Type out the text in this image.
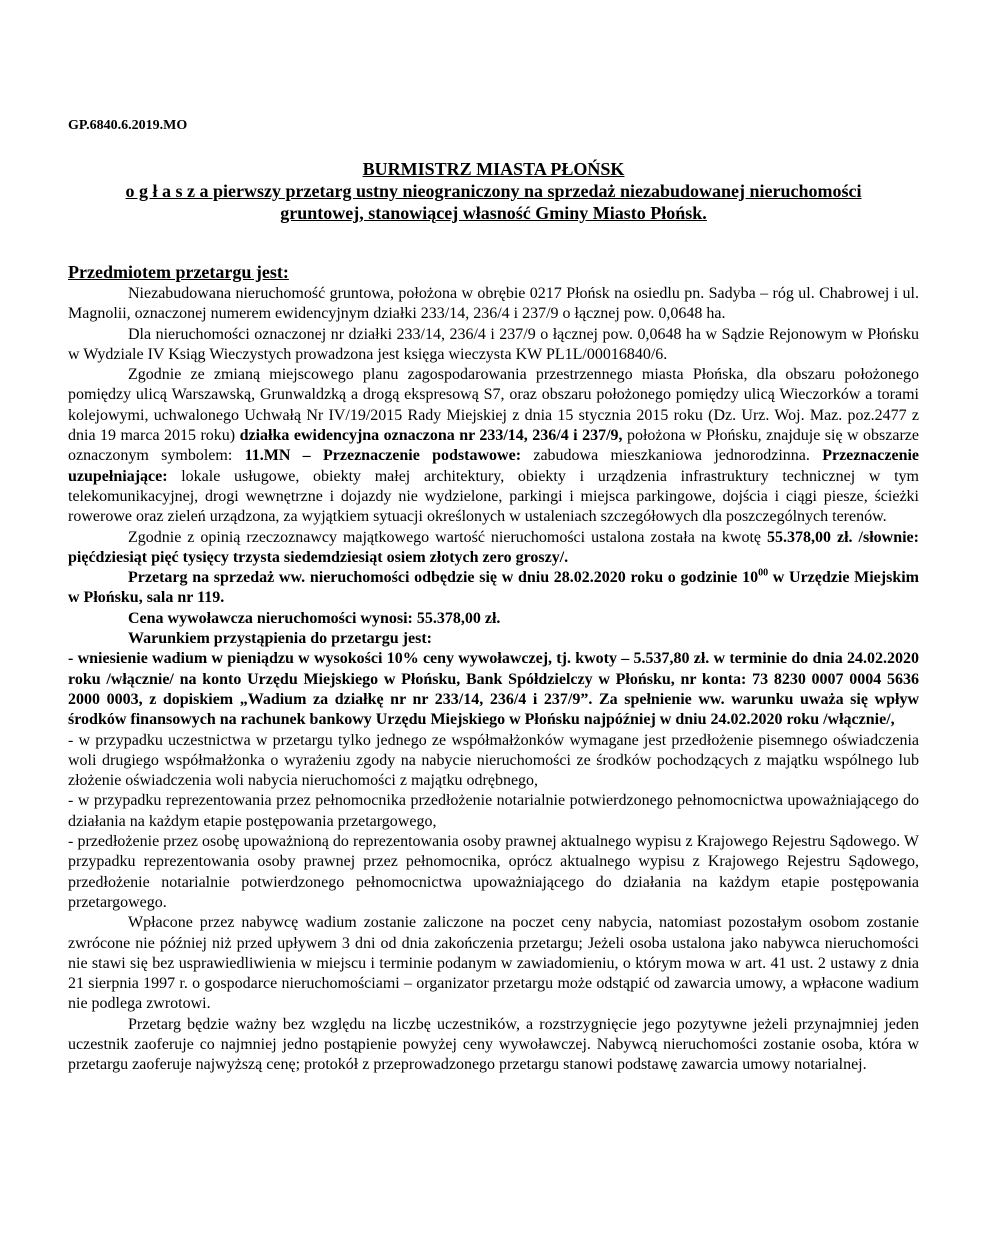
GP.6840.6.2019.MO
BURMISTRZ MIASTA PŁOŃSK
o g ł a s z a pierwszy przetarg ustny nieograniczony na sprzedaż niezabudowanej nieruchomości
gruntowej, stanowiącej własność Gminy Miasto Płońsk.
Przedmiotem przetargu jest:

Niezabudowana nieruchomość gruntowa, położona w obrębie 0217 Płońsk na osiedlu pn. Sadyba – róg ul. Chabrowej i ul. Magnolii, oznaczonej numerem ewidencyjnym działki 233/14, 236/4 i 237/9 o łącznej pow. 0,0648 ha.

Dla nieruchomości oznaczonej nr działki 233/14, 236/4 i 237/9 o łącznej pow. 0,0648 ha w Sądzie Rejonowym w Płońsku w Wydziale IV Ksiąg Wieczystych prowadzona jest księga wieczysta KW PL1L/00016840/6.

Zgodnie ze zmianą miejscowego planu zagospodarowania przestrzennego miasta Płońska, dla obszaru położonego pomiędzy ulicą Warszawską, Grunwaldzką a drogą ekspresową S7, oraz obszaru położonego pomiędzy ulicą Wieczorków a torami kolejowymi, uchwalonego Uchwałą Nr IV/19/2015 Rady Miejskiej z dnia 15 stycznia 2015 roku (Dz. Urz. Woj. Maz. poz.2477 z dnia 19 marca 2015 roku) działka ewidencyjna oznaczona nr 233/14, 236/4 i 237/9, położona w Płońsku, znajduje się w obszarze oznaczonym symbolem: 11.MN – Przeznaczenie podstawowe: zabudowa mieszkaniowa jednorodzinna. Przeznaczenie uzupełniające: lokale usługowe, obiekty małej architektury, obiekty i urządzenia infrastruktury technicznej w tym telekomunikacyjnej, drogi wewnętrzne i dojazdy nie wydzielone, parkingi i miejsca parkingowe, dojścia i ciągi piesze, ścieżki rowerowe oraz zieleń urządzona, za wyjątkiem sytuacji określonych w ustaleniach szczegółowych dla poszczególnych terenów.

Zgodnie z opinią rzeczoznawcy majątkowego wartość nieruchomości ustalona została na kwotę 55.378,00 zł. /słownie: pięćdziesiąt pięć tysięcy trzysta siedemdziesiąt osiem złotych zero groszy/.

Przetarg na sprzedaż ww. nieruchomości odbędzie się w dniu 28.02.2020 roku o godzinie $10^{00}$ w Urzędzie Miejskim w Płońsku, sala nr 119.

Cena wywoławcza nieruchomości wynosi: 55.378,00 zł.

Warunkiem przystąpienia do przetargu jest:

- wniesienie wadium w pieniądzu w wysokości 10% ceny wywoławczej, tj. kwoty – 5.537,80 zł. w terminie do dnia 24.02.2020 roku /włącznie/ na konto Urzędu Miejskiego w Płońsku, Bank Spółdzielczy w Płońsku, nr konta: 73 8230 0007 0004 5636 2000 0003, z dopiskiem „Wadium za działkę nr nr 233/14, 236/4 i 237/9”. Za spełnienie ww. warunku uważa się wpływ środków finansowych na rachunek bankowy Urzędu Miejskiego w Płońsku najpóźniej w dniu 24.02.2020 roku /włącznie/,

- w przypadku uczestnictwa w przetargu tylko jednego ze współmałżonków wymagane jest przedłożenie pisemnego oświadczenia woli drugiego współmałżonka o wyrażeniu zgody na nabycie nieruchomości ze środków pochodzących z majątku wspólnego lub złożenie oświadczenia woli nabycia nieruchomości z majątku odrębnego,

- w przypadku reprezentowania przez pełnomocnika przedłożenie notarialnie potwierdzonego pełnomocnictwa upoważniającego do działania na każdym etapie postępowania przetargowego,

- przedłożenie przez osobę upoważnioną do reprezentowania osoby prawnej aktualnego wypisu z Krajowego Rejestru Sądowego. W przypadku reprezentowania osoby prawnej przez pełnomocnika, oprócz aktualnego wypisu z Krajowego Rejestru Sądowego, przedłożenie notarialnie potwierdzonego pełnomocnictwa upoważniającego do działania na każdym etapie postępowania przetargowego.

Wpłacone przez nabywcę wadium zostanie zaliczone na poczet ceny nabycia, natomiast pozostałym osobom zostanie zwrócone nie później niż przed upływem 3 dni od dnia zakończenia przetargu; Jeżeli osoba ustalona jako nabywca nieruchomości nie stawi się bez usprawiedliwienia w miejscu i terminie podanym w zawiadomieniu, o którym mowa w art. 41 ust. 2 ustawy z dnia 21 sierpnia 1997 r. o gospodarce nieruchomościami – organizator przetargu może odstąpić od zawarcia umowy, a wpłacone wadium nie podlega zwrotowi.

Przetarg będzie ważny bez względu na liczbę uczestników, a rozstrzygnięcie jego pozytywne jeżeli przynajmniej jeden uczestnik zaoferuje co najmniej jedno postąpienie powyżej ceny wywoławczej. Nabywcą nieruchomości zostanie osoba, która w przetargu zaoferuje najwyższą cenę; protokół z przeprowadzonego przetargu stanowi podstawę zawarcia umowy notarialnej.
